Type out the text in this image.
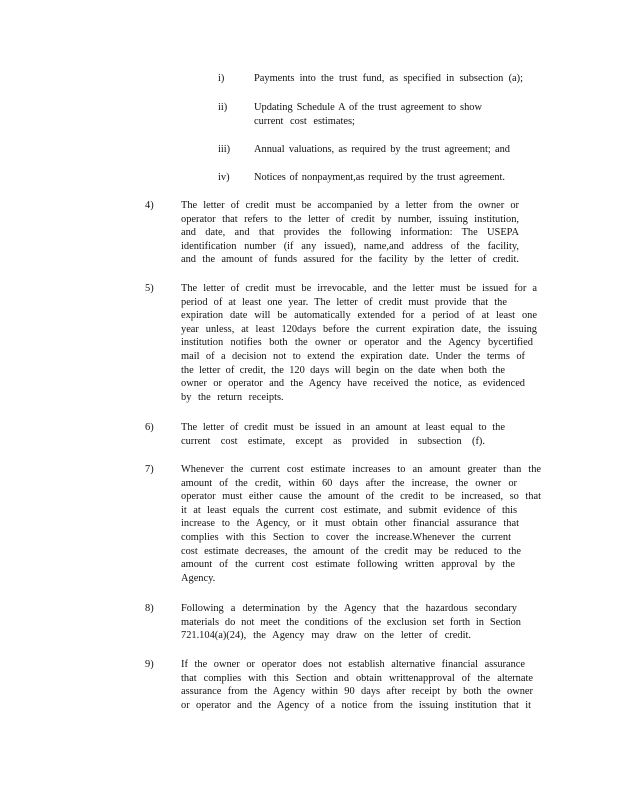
i)	Payments into the trust fund, as specified in subsection (a);
ii)	Updating Schedule A of the trust agreement to show
current cost estimates;
iii)	Annual valuations, as required by the trust agreement; and
iv)	Notices of nonpayment,as required by the trust agreement.
4)	The letter of credit must be accompanied by a letter from the owner or
operator that refers to the letter of credit by number, issuing institution,
and date, and that provides the following information: The USEPA
identification number (if any issued), name,and address of the facility,
and the amount of funds assured for the facility by the letter of credit.
5)	The letter of credit must be irrevocable, and the letter must be issued for a
period of at least one year. The letter of credit must provide that the
expiration date will be automatically extended for a period of at least one
year unless, at least 120days before the current expiration date, the issuing
institution notifies both the owner or operator and the Agency bycertified
mail of a decision not to extend the expiration date. Under the terms of
the letter of credit, the 120 days will begin on the date when both the
owner or operator and the Agency have received the notice, as evidenced
by the return receipts.
6)	The letter of credit must be issued in an amount at least equal to the
current cost estimate, except as provided in subsection (f).
7)	Whenever the current cost estimate increases to an amount greater than the
amount of the credit, within 60 days after the increase, the owner or
operator must either cause the amount of the credit to be increased, so that
it at least equals the current cost estimate, and submit evidence of this
increase to the Agency, or it must obtain other financial assurance that
complies with this Section to cover the increase.Whenever the current
cost estimate decreases, the amount of the credit may be reduced to the
amount of the current cost estimate following written approval by the
Agency.
8)	Following a determination by the Agency that the hazardous secondary
materials do not meet the conditions of the exclusion set forth in Section
721.104(a)(24), the Agency may draw on the letter of credit.
9)	If the owner or operator does not establish alternative financial assurance
that complies with this Section and obtain writtenapproval of the alternate
assurance from the Agency within 90 days after receipt by both the owner
or operator and the Agency of a notice from the issuing institution that it
